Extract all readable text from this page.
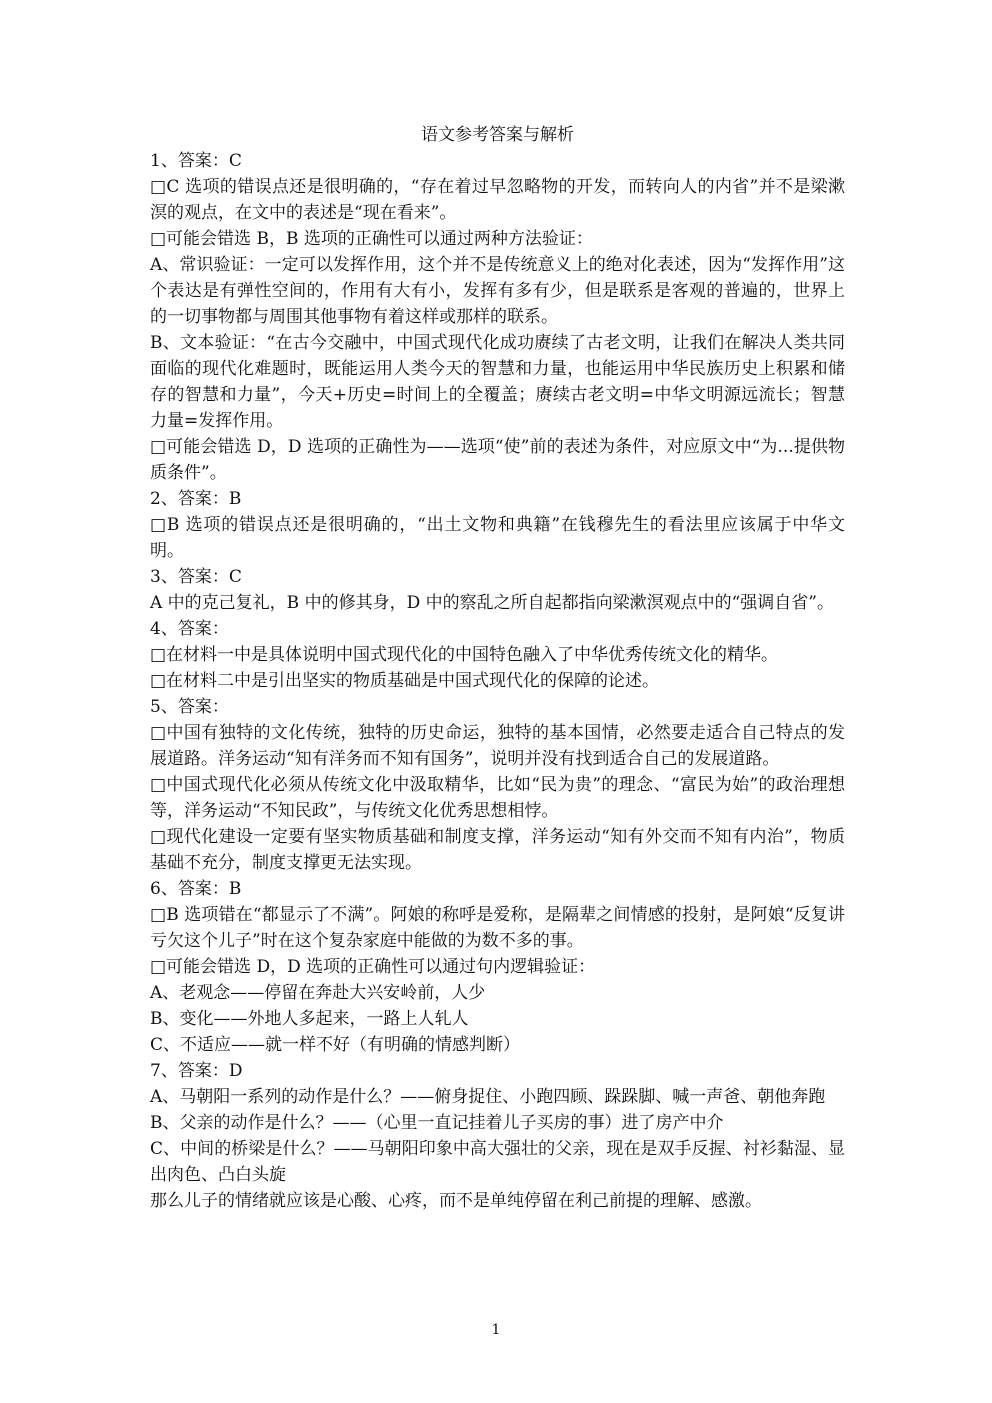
语文参考答案与解析

1、答案：C

□C 选项的错误点还是很明确的，“存在着过早忽略物的开发，而转向人的内省”并不是梁漱溟的观点，在文中的表述是“现在看来”。

□可能会错选 B，B 选项的正确性可以通过两种方法验证：

A、常识验证：一定可以发挥作用，这个并不是传统意义上的绝对化表述，因为“发挥作用”这个表达是有弹性空间的，作用有大有小，发挥有多有少，但是联系是客观的普遍的，世界上的一切事物都与周围其他事物有着这样或那样的联系。

B、文本验证：“在古今交融中，中国式现代化成功赓续了古老文明，让我们在解决人类共同面临的现代化难题时，既能运用人类今天的智慧和力量，也能运用中华民族历史上积累和储存的智慧和力量”，今天+历史=时间上的全覆盖；赓续古老文明=中华文明源远流长；智慧力量=发挥作用。

□可能会错选 D，D 选项的正确性为——选项“使”前的表述为条件，对应原文中“为...提供物质条件”。

2、答案：B

□B 选项的错误点还是很明确的，“出土文物和典籍”在钱穆先生的看法里应该属于中华文明。

3、答案：C

A 中的克己复礼，B 中的修其身，D 中的察乱之所自起都指向梁漱溟观点中的“强调自省”。

4、答案：

□在材料一中是具体说明中国式现代化的中国特色融入了中华优秀传统文化的精华。

□在材料二中是引出坚实的物质基础是中国式现代化的保障的论述。

5、答案：

□中国有独特的文化传统，独特的历史命运，独特的基本国情，必然要走适合自己特点的发展道路。洋务运动“知有洋务而不知有国务”，说明并没有找到适合自己的发展道路。

□中国式现代化必须从传统文化中汲取精华，比如“民为贵”的理念、“富民为始”的政治理想等，洋务运动“不知民政”，与传统文化优秀思想相悖。

□现代化建设一定要有坚实物质基础和制度支撑，洋务运动“知有外交而不知有内治”，物质基础不充分，制度支撑更无法实现。

6、答案：B

□B 选项错在“都显示了不满”。阿娘的称呼是爱称，是隔辈之间情感的投射，是阿娘“反复讲亏欠这个儿子”时在这个复杂家庭中能做的为数不多的事。

□可能会错选 D，D 选项的正确性可以通过句内逻辑验证：

A、老观念——停留在奔赴大兴安岭前，人少

B、变化——外地人多起来，一路上人轧人

C、不适应——就一样不好（有明确的情感判断）

7、答案：D

A、马朝阳一系列的动作是什么？——俯身捉住、小跑四顾、跺跺脚、喊一声爸、朝他奔跑

B、父亲的动作是什么？——（心里一直记挂着儿子买房的事）进了房产中介

C、中间的桥梁是什么？——马朝阳印象中高大强壮的父亲，现在是双手反握、衬衫黏湿、显出肉色、凸白头旋

那么儿子的情绪就应该是心酸、心疼，而不是单纯停留在利己前提的理解、感激。

1
